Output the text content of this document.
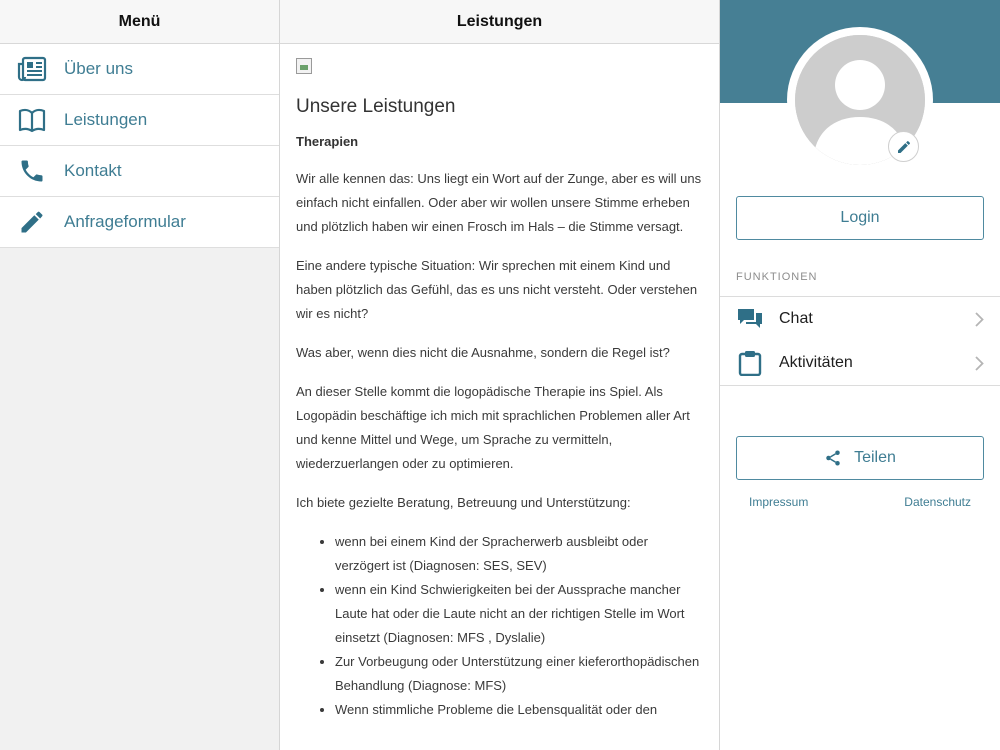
Menü
Über uns
Leistungen
Kontakt
Anfrageformular
Leistungen
Unsere Leistungen
Therapien

Wir alle kennen das: Uns liegt ein Wort auf der Zunge, aber es will uns einfach nicht einfallen. Oder aber wir wollen unsere Stimme erheben und plötzlich haben wir einen Frosch im Hals – die Stimme versagt.

Eine andere typische Situation: Wir sprechen mit einem Kind und haben plötzlich das Gefühl, das es uns nicht versteht. Oder verstehen wir es nicht?

Was aber, wenn dies nicht die Ausnahme, sondern die Regel ist?

An dieser Stelle kommt die logopädische Therapie ins Spiel. Als Logopädin beschäftige ich mich mit sprachlichen Problemen aller Art und kenne Mittel und Wege, um Sprache zu vermitteln, wiederzuerlangen oder zu optimieren.

Ich biete gezielte Beratung, Betreuung und Unterstützung:

• wenn bei einem Kind der Spracherwerb ausbleibt oder verzögert ist (Diagnosen: SES, SEV)
• wenn ein Kind Schwierigkeiten bei der Aussprache mancher Laute hat oder die Laute nicht an der richtigen Stelle im Wort einsetzt (Diagnosen: MFS , Dyslalie)
• Zur Vorbeugung oder Unterstützung einer kieferorthopädischen Behandlung (Diagnose: MFS)
• Wenn stimmliche Probleme die Lebensqualität oder den
Login
FUNKTIONEN
Chat
Aktivitäten
Teilen
Impressum	Datenschutz
